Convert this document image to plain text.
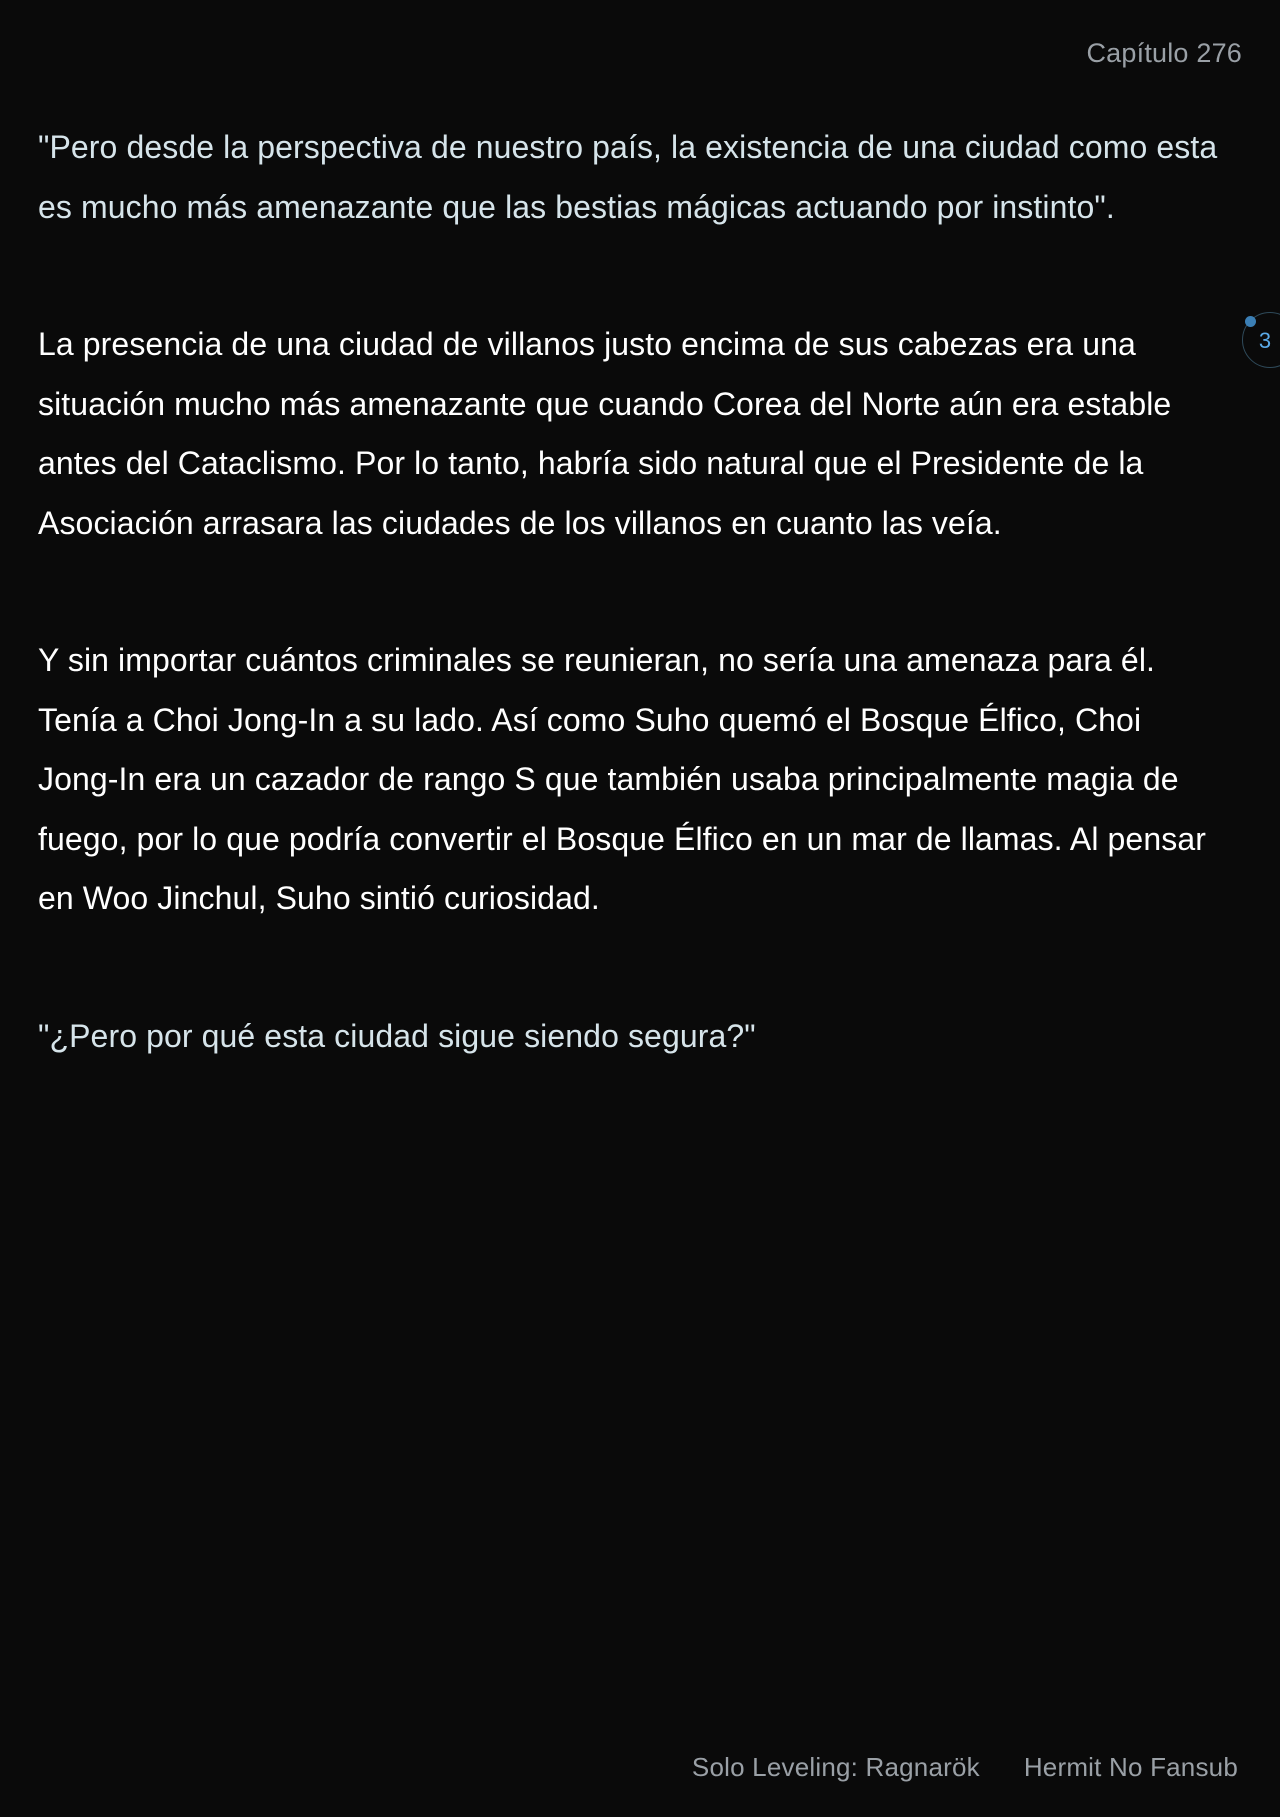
Capítulo 276
3

"Pero desde la perspectiva de nuestro país, la existencia de una ciudad como esta es mucho más amenazante que las bestias mágicas actuando por instinto".

La presencia de una ciudad de villanos justo encima de sus cabezas era una situación mucho más amenazante que cuando Corea del Norte aún era estable antes del Cataclismo. Por lo tanto, habría sido natural que el Presidente de la Asociación arrasara las ciudades de los villanos en cuanto las veía.

Y sin importar cuántos criminales se reunieran, no sería una amenaza para él. Tenía a Choi Jong-In a su lado. Así como Suho quemó el Bosque Élfico, Choi Jong-In era un cazador de rango S que también usaba principalmente magia de fuego, por lo que podría convertir el Bosque Élfico en un mar de llamas. Al pensar en Woo Jinchul, Suho sintió curiosidad.

"¿Pero por qué esta ciudad sigue siendo segura?"

Solo Leveling: Ragnarök Hermit No Fansub
